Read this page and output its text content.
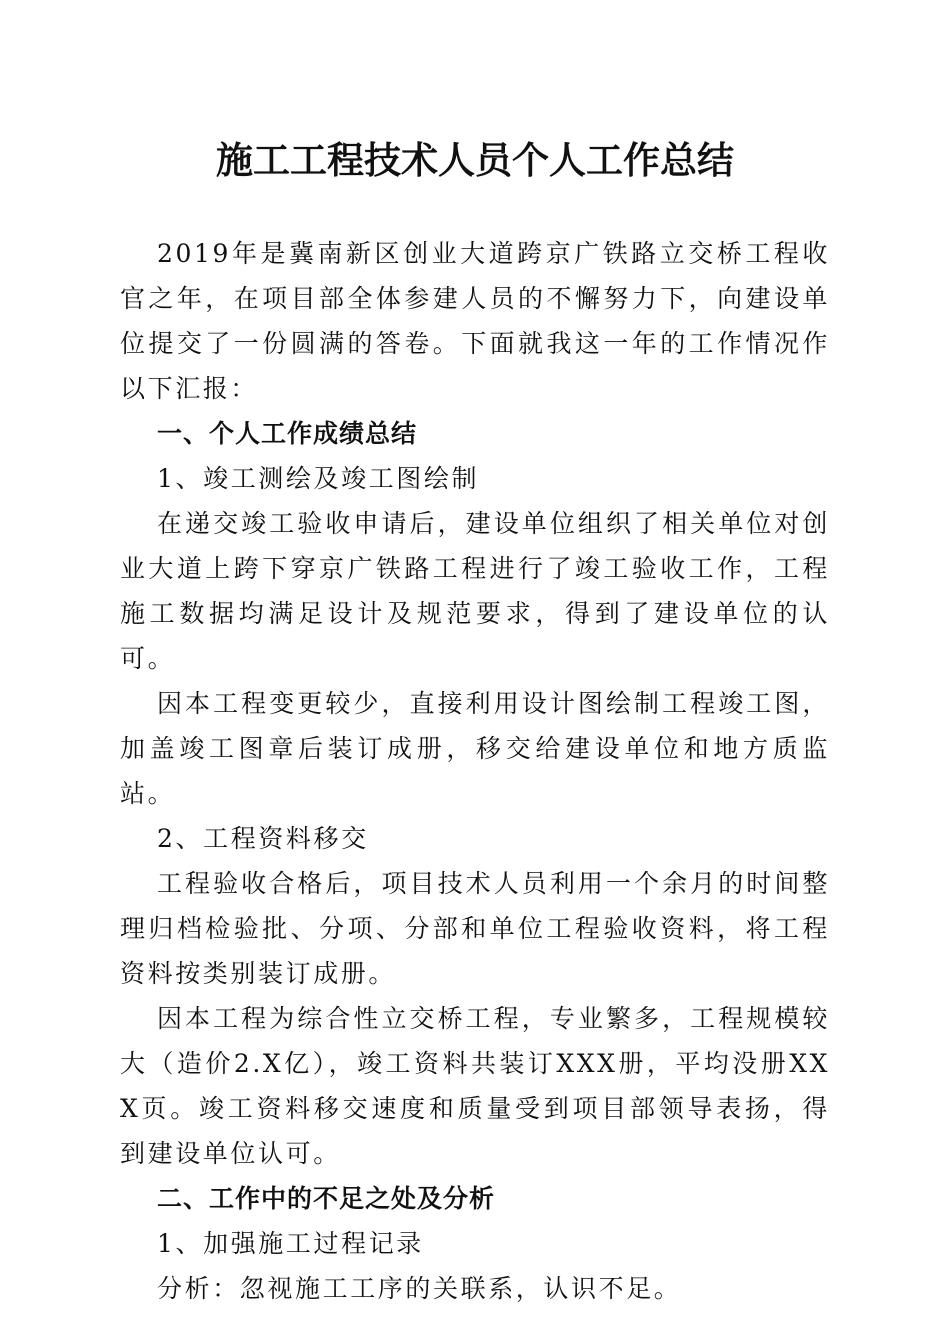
施工工程技术人员个人工作总结

2019年是冀南新区创业大道跨京广铁路立交桥工程收官之年，在项目部全体参建人员的不懈努力下，向建设单位提交了一份圆满的答卷。下面就我这一年的工作情况作以下汇报：

一、个人工作成绩总结

1、竣工测绘及竣工图绘制

在递交竣工验收申请后，建设单位组织了相关单位对创业大道上跨下穿京广铁路工程进行了竣工验收工作，工程施工数据均满足设计及规范要求，得到了建设单位的认可。

因本工程变更较少，直接利用设计图绘制工程竣工图，加盖竣工图章后装订成册，移交给建设单位和地方质监站。

2、工程资料移交

工程验收合格后，项目技术人员利用一个余月的时间整理归档检验批、分项、分部和单位工程验收资料，将工程资料按类别装订成册。

因本工程为综合性立交桥工程，专业繁多，工程规模较大（造价2.X亿），竣工资料共装订XXX册，平均没册XXX页。竣工资料移交速度和质量受到项目部领导表扬，得到建设单位认可。

二、工作中的不足之处及分析

1、加强施工过程记录

分析：忽视施工工序的关联系，认识不足。
